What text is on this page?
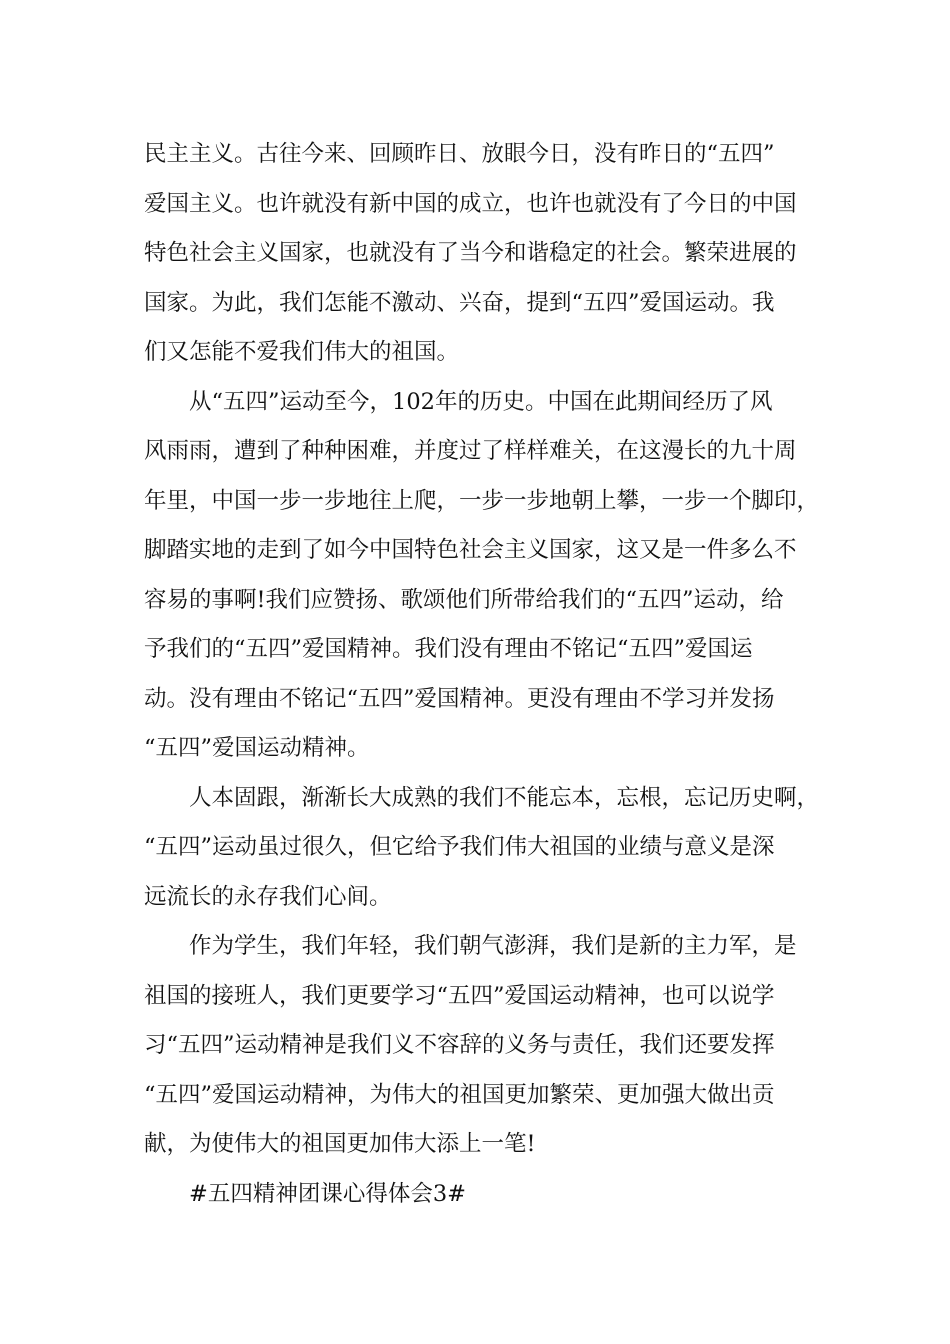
民主主义。古往今来、回顾昨日、放眼今日，没有昨日的“五四”
爱国主义。也许就没有新中国的成立，也许也就没有了今日的中国
特色社会主义国家，也就没有了当今和谐稳定的社会。繁荣进展的
国家。为此，我们怎能不激动、兴奋，提到“五四”爱国运动。我
们又怎能不爱我们伟大的祖国。
从“五四”运动至今，102年的历史。中国在此期间经历了风
风雨雨，遭到了种种困难，并度过了样样难关，在这漫长的九十周
年里，中国一步一步地往上爬，一步一步地朝上攀，一步一个脚印，
脚踏实地的走到了如今中国特色社会主义国家，这又是一件多么不
容易的事啊!我们应赞扬、歌颂他们所带给我们的“五四”运动，给
予我们的“五四”爱国精神。我们没有理由不铭记“五四”爱国运
动。没有理由不铭记“五四”爱国精神。更没有理由不学习并发扬
“五四”爱国运动精神。
人本固跟，渐渐长大成熟的我们不能忘本，忘根，忘记历史啊，
“五四”运动虽过很久，但它给予我们伟大祖国的业绩与意义是深
远流长的永存我们心间。
作为学生，我们年轻，我们朝气澎湃，我们是新的主力军，是
祖国的接班人，我们更要学习“五四”爱国运动精神，也可以说学
习“五四”运动精神是我们义不容辞的义务与责任，我们还要发挥
“五四”爱国运动精神，为伟大的祖国更加繁荣、更加强大做出贡
献，为使伟大的祖国更加伟大添上一笔!
#五四精神团课心得体会3#
